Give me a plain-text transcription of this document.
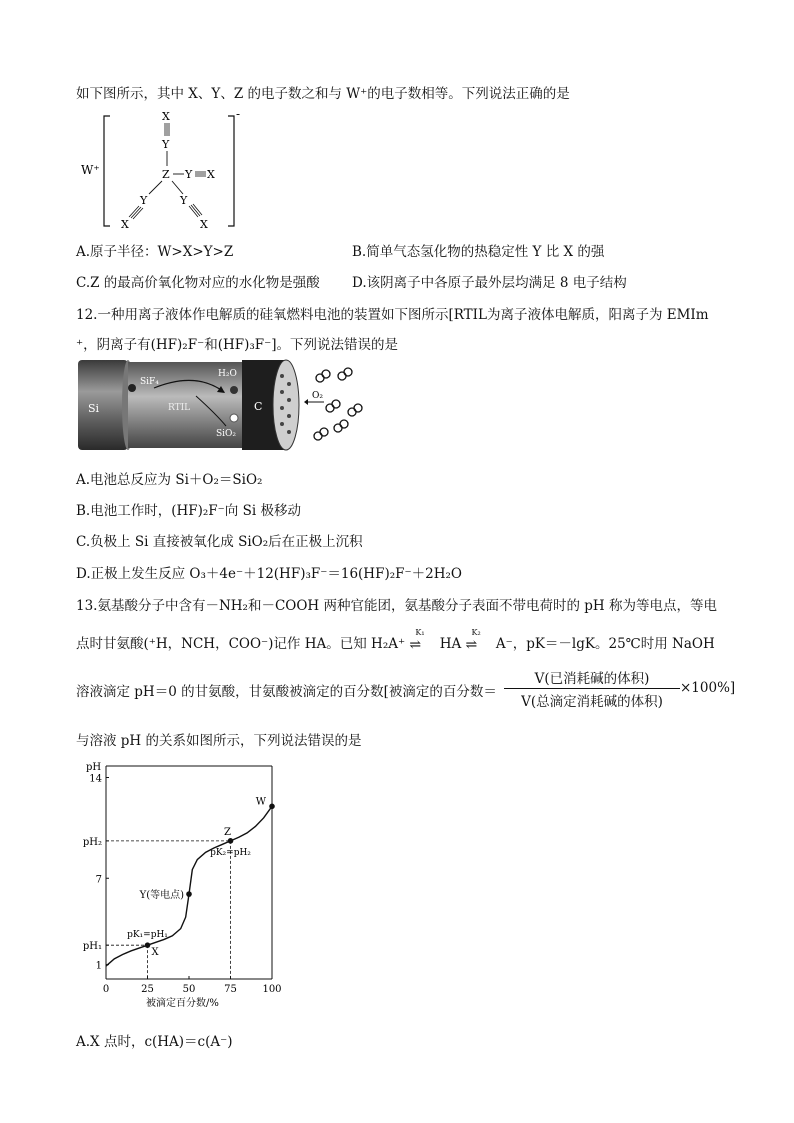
如下图所示，其中 X、Y、Z 的电子数之和与 W⁺的电子数相等。下列说法正确的是
W⁺
-
X
Y
Z Y X
Y
X
Y
X
A.原子半径：W>X>Y>Z	B.简单气态氢化物的热稳定性 Y 比 X 的强
C.Z 的最高价氧化物对应的水化物是强酸 D.该阴离子中各原子最外层均满足 8 电子结构
12.一种用离子液体作电解质的硅氧燃料电池的装置如下图所示[RTIL为离子液体电解质，阳离子为 EMIm
⁺，阴离子有(HF)₂F⁻和(HF)₃F⁻]。下列说法错误的是
Si
SiF₄
RTIL
H₂O
SiO₂
C
O₂
A.电池总反应为 Si＋O₂＝SiO₂
B.电池工作时，(HF)₂F⁻向 Si 极移动
C.负极上 Si 直接被氧化成 SiO₂后在正极上沉积
D.正极上发生反应 O₃＋4e⁻＋12(HF)₃F⁻＝16(HF)₂F⁻＋2H₂O
13.氨基酸分子中含有－NH₂和－COOH 两种官能团，氨基酸分子表面不带电荷时的 pH 称为等电点，等电
点时甘氨酸(⁺H，NCH，COO⁻)记作 HA。已知 H₂A⁺
K₁
⇌ HA
K₂
⇌ A⁻，pK＝－lgK。25℃时用 NaOH
溶液滴定 pH＝0 的甘氨酸，甘氨酸被滴定的百分数[被滴定的百分数＝
V(已消耗碱的体积)
V(总滴定消耗碱的体积)
×100%]
与溶液 pH 的关系如图所示，下列说法错误的是
pH
被滴定百分数/%
0	25	50	75	100
1
pH₁
7
pH₂
14
X
Y(等电点)
Z
W
pK₁=pH₁
pK₂=pH₂
A.X 点时，c(HA)＝c(A⁻)
